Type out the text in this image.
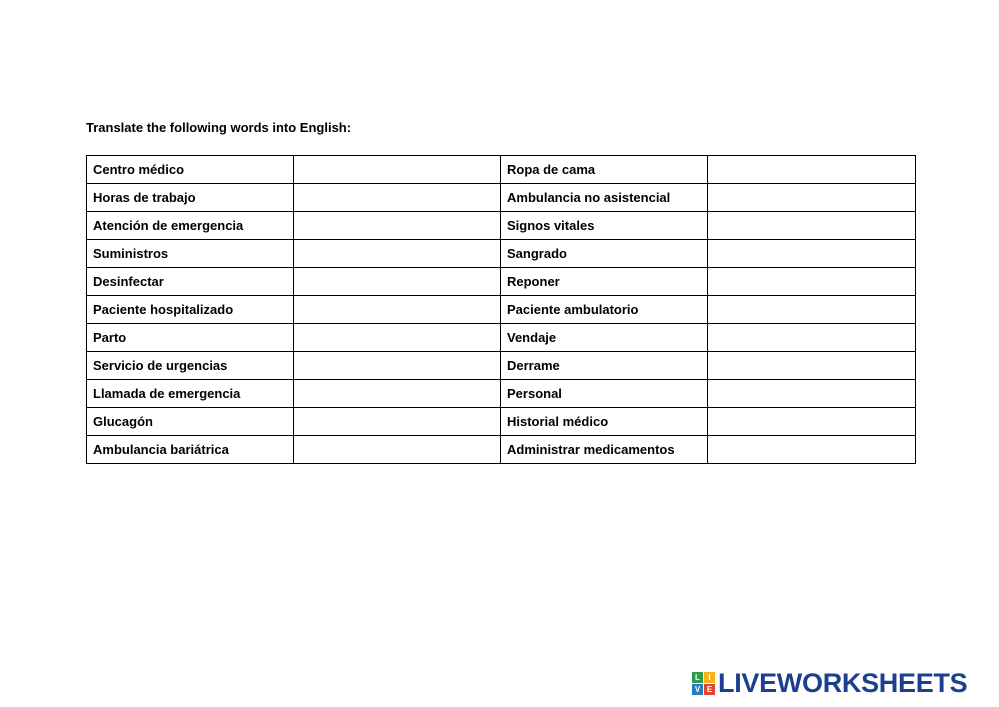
Translate the following words into English:
Centro médico		Ropa de cama	
Horas de trabajo		Ambulancia no asistencial	
Atención de emergencia		Signos vitales	
Suministros		Sangrado	
Desinfectar		Reponer	
Paciente hospitalizado		Paciente ambulatorio	
Parto		Vendaje	
Servicio de urgencias		Derrame	
Llamada de emergencia		Personal	
Glucagón		Historial médico	
Ambulancia bariátrica		Administrar medicamentos	
L	I
V E LIVEWORKSHEETS
